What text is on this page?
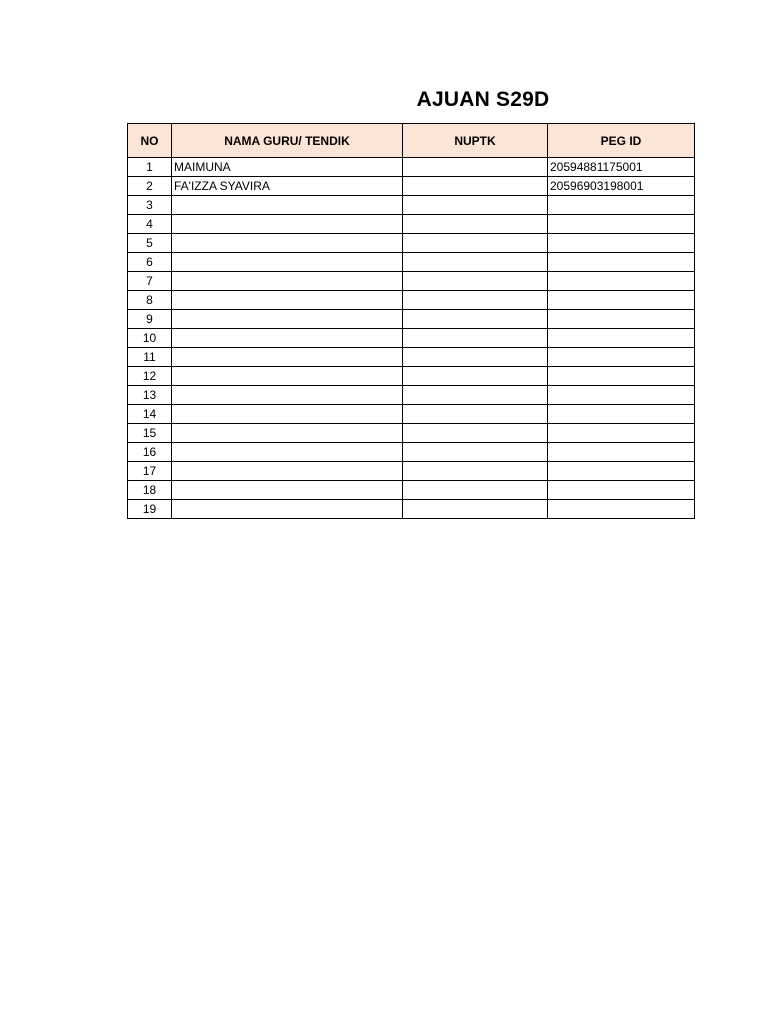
AJUAN S29D
NO	NAMA GURU/ TENDIK	NUPTK	PEG ID
1	MAIMUNA		20594881175001
2	FA'IZZA SYAVIRA		20596903198001
3			
4			
5			
6			
7			
8			
9			
10			
11			
12			
13			
14			
15			
16			
17			
18			
19			
